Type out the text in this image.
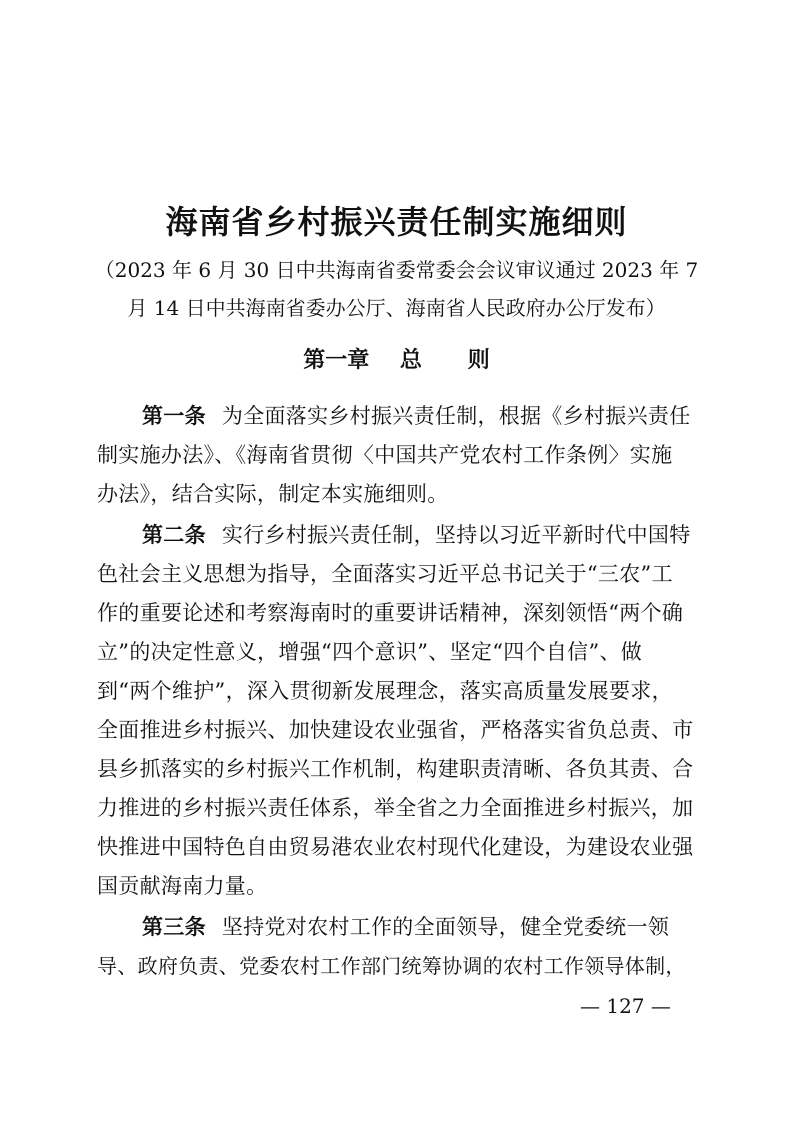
海南省乡村振兴责任制实施细则
（2023 年 6 月 30 日中共海南省委常委会会议审议通过 2023 年 7
月 14 日中共海南省委办公厅、海南省人民政府办公厅发布）
第一章    总      则
第一条 为全面落实乡村振兴责任制，根据《乡村振兴责任
制实施办法》、《海南省贯彻〈中国共产党农村工作条例〉实施
办法》，结合实际，制定本实施细则。
第二条 实行乡村振兴责任制，坚持以习近平新时代中国特
色社会主义思想为指导，全面落实习近平总书记关于“三农”工
作的重要论述和考察海南时的重要讲话精神，深刻领悟“两个确
立”的决定性意义，增强“四个意识”、坚定“四个自信”、做
到“两个维护”，深入贯彻新发展理念，落实高质量发展要求，
全面推进乡村振兴、加快建设农业强省，严格落实省负总责、市
县乡抓落实的乡村振兴工作机制，构建职责清晰、各负其责、合
力推进的乡村振兴责任体系，举全省之力全面推进乡村振兴，加
快推进中国特色自由贸易港农业农村现代化建设，为建设农业强
国贡献海南力量。
第三条 坚持党对农村工作的全面领导，健全党委统一领
导、政府负责、党委农村工作部门统筹协调的农村工作领导体制，
— 127 —
